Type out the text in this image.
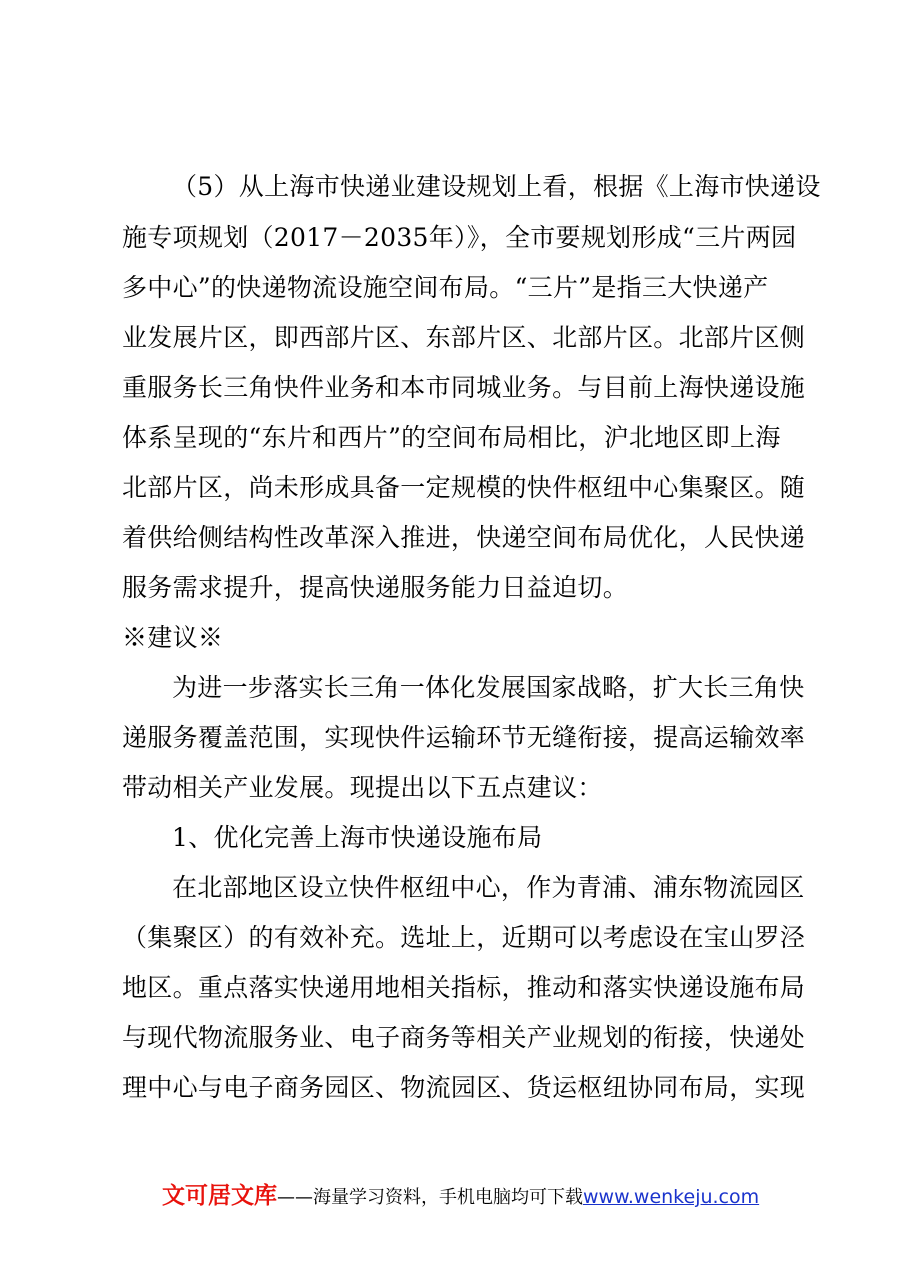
（5）从上海市快递业建设规划上看，根据《上海市快递设
施专项规划（2017－2035年）》，全市要规划形成“三片两园
多中心”的快递物流设施空间布局。“三片”是指三大快递产
业发展片区，即西部片区、东部片区、北部片区。北部片区侧
重服务长三角快件业务和本市同城业务。与目前上海快递设施
体系呈现的“东片和西片”的空间布局相比，沪北地区即上海
北部片区，尚未形成具备一定规模的快件枢纽中心集聚区。随
着供给侧结构性改革深入推进，快递空间布局优化，人民快递
服务需求提升，提高快递服务能力日益迫切。
※建议※
为进一步落实长三角一体化发展国家战略，扩大长三角快
递服务覆盖范围，实现快件运输环节无缝衔接，提高运输效率
带动相关产业发展。现提出以下五点建议：
1、优化完善上海市快递设施布局
在北部地区设立快件枢纽中心，作为青浦、浦东物流园区
（集聚区）的有效补充。选址上，近期可以考虑设在宝山罗泾
地区。重点落实快递用地相关指标，推动和落实快递设施布局
与现代物流服务业、电子商务等相关产业规划的衔接，快递处
理中心与电子商务园区、物流园区、货运枢纽协同布局，实现
文可居文库——海量学习资料，手机电脑均可下载www.wenkeju.com
